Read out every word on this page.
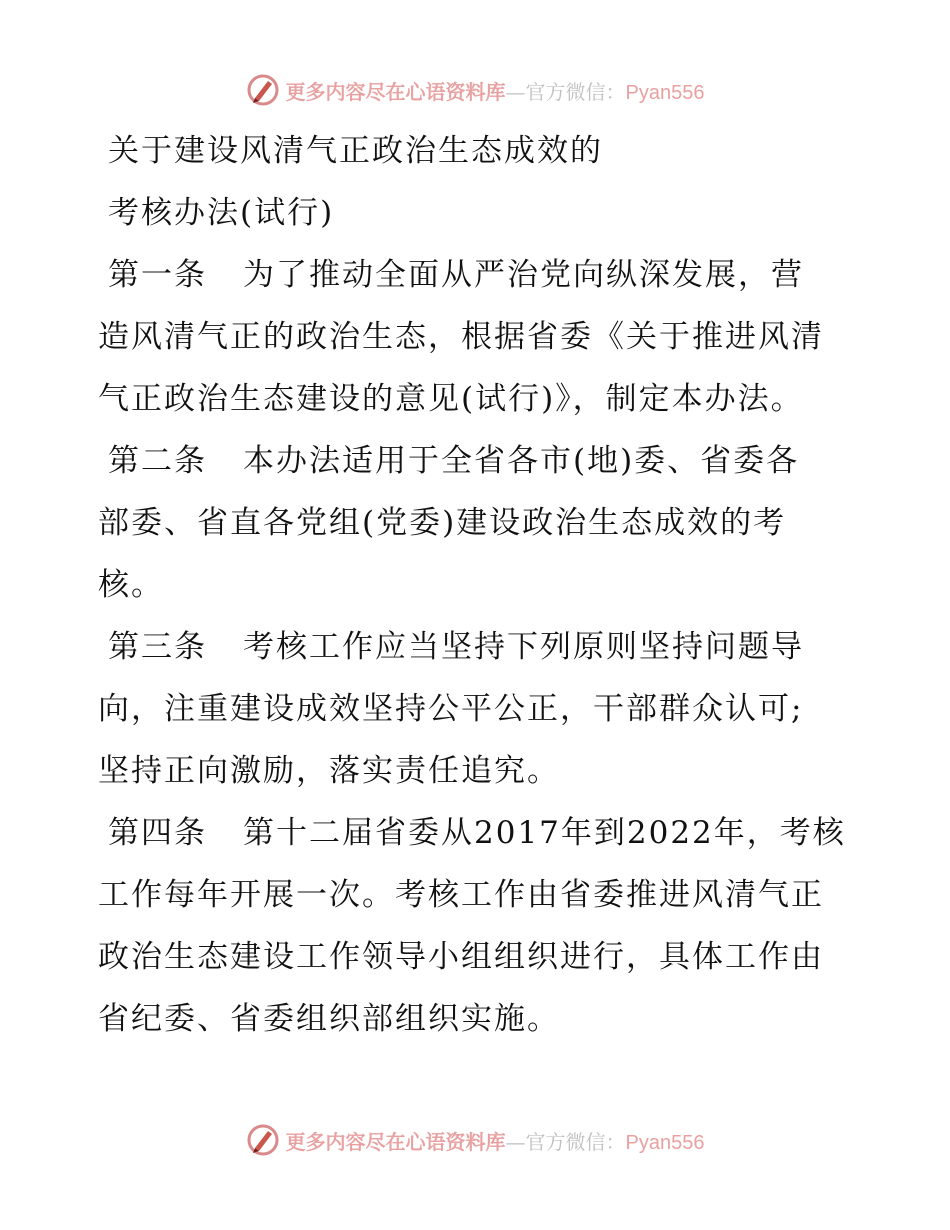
更多内容尽在心语资料库—官方微信：Pyan556
关于建设风清气正政治生态成效的
考核办法(试行)
第一条 为了推动全面从严治党向纵深发展，营
造风清气正的政治生态，根据省委《关于推进风清
气正政治生态建设的意见(试行)》，制定本办法。
第二条 本办法适用于全省各市(地)委、省委各
部委、省直各党组(党委)建设政治生态成效的考
核。
第三条 考核工作应当坚持下列原则坚持问题导
向，注重建设成效坚持公平公正，干部群众认可;
坚持正向激励，落实责任追究。
第四条 第十二届省委从2017年到2022年，考核
工作每年开展一次。考核工作由省委推进风清气正
政治生态建设工作领导小组组织进行，具体工作由
省纪委、省委组织部组织实施。
更多内容尽在心语资料库—官方微信：Pyan556
